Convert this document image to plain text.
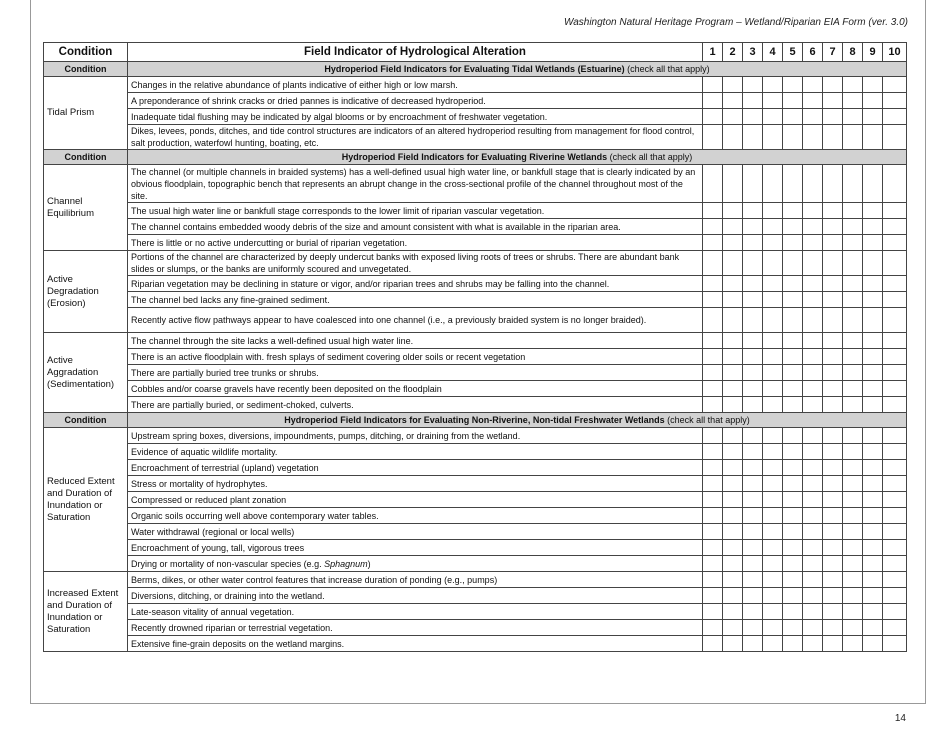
Washington Natural Heritage Program – Wetland/Riparian EIA Form (ver. 3.0)
Condition	Field Indicator of Hydrological Alteration	1	2	3	4	5	6	7	8	9	10
Condition	Hydroperiod Field Indicators for Evaluating Tidal Wetlands (Estuarine) (check all that apply)										
Tidal Prism	Changes in the relative abundance of plants indicative of either high or low marsh.										
	A preponderance of shrink cracks or dried pannes is indicative of decreased hydroperiod.										
	Inadequate tidal flushing may be indicated by algal blooms or by encroachment of freshwater vegetation.										
	Dikes, levees, ponds, ditches, and tide control structures are indicators of an altered hydroperiod resulting from management for flood control, salt production, waterfowl hunting, boating, etc.										
Condition	Hydroperiod Field Indicators for Evaluating Riverine Wetlands (check all that apply)										
Channel Equilibrium	The channel (or multiple channels in braided systems) has a well-defined usual high water line, or bankfull stage that is clearly indicated by an obvious floodplain, topographic bench that represents an abrupt change in the cross-sectional profile of the channel throughout most of the site.										
	The usual high water line or bankfull stage corresponds to the lower limit of riparian vascular vegetation.										
	The channel contains embedded woody debris of the size and amount consistent with what is available in the riparian area.										
	There is little or no active undercutting or burial of riparian vegetation.										
Active Degradation (Erosion)	Portions of the channel are characterized by deeply undercut banks with exposed living roots of trees or shrubs. There are abundant bank slides or slumps, or the banks are uniformly scoured and unvegetated.										
	Riparian vegetation may be declining in stature or vigor, and/or riparian trees and shrubs may be falling into the channel.										
	The channel bed lacks any fine-grained sediment.										
	Recently active flow pathways appear to have coalesced into one channel (i.e., a previously braided system is no longer braided).										
Active Aggradation (Sedimentation)	The channel through the site lacks a well-defined usual high water line.										
	There is an active floodplain with. fresh splays of sediment covering older soils or recent vegetation										
	There are partially buried tree trunks or shrubs.										
	Cobbles and/or coarse gravels have recently been deposited on the floodplain										
	There are partially buried, or sediment-choked, culverts.										
Condition	Hydroperiod Field Indicators for Evaluating Non-Riverine, Non-tidal Freshwater Wetlands (check all that apply)										
Reduced Extent and Duration of Inundation or Saturation	Upstream spring boxes, diversions, impoundments, pumps, ditching, or draining from the wetland.										
	Evidence of aquatic wildlife mortality.										
	Encroachment of terrestrial (upland) vegetation										
	Stress or mortality of hydrophytes.										
	Compressed or reduced plant zonation										
	Organic soils occurring well above contemporary water tables.										
	Water withdrawal (regional or local wells)										
	Encroachment of young, tall, vigorous trees										
	Drying or mortality of non-vascular species (e.g. Sphagnum)										
Increased Extent and Duration of Inundation or Saturation	Berms, dikes, or other water control features that increase duration of ponding (e.g., pumps)										
	Diversions, ditching, or draining into the wetland.										
	Late-season vitality of annual vegetation.										
	Recently drowned riparian or terrestrial vegetation.										
	Extensive fine-grain deposits on the wetland margins.										
14
